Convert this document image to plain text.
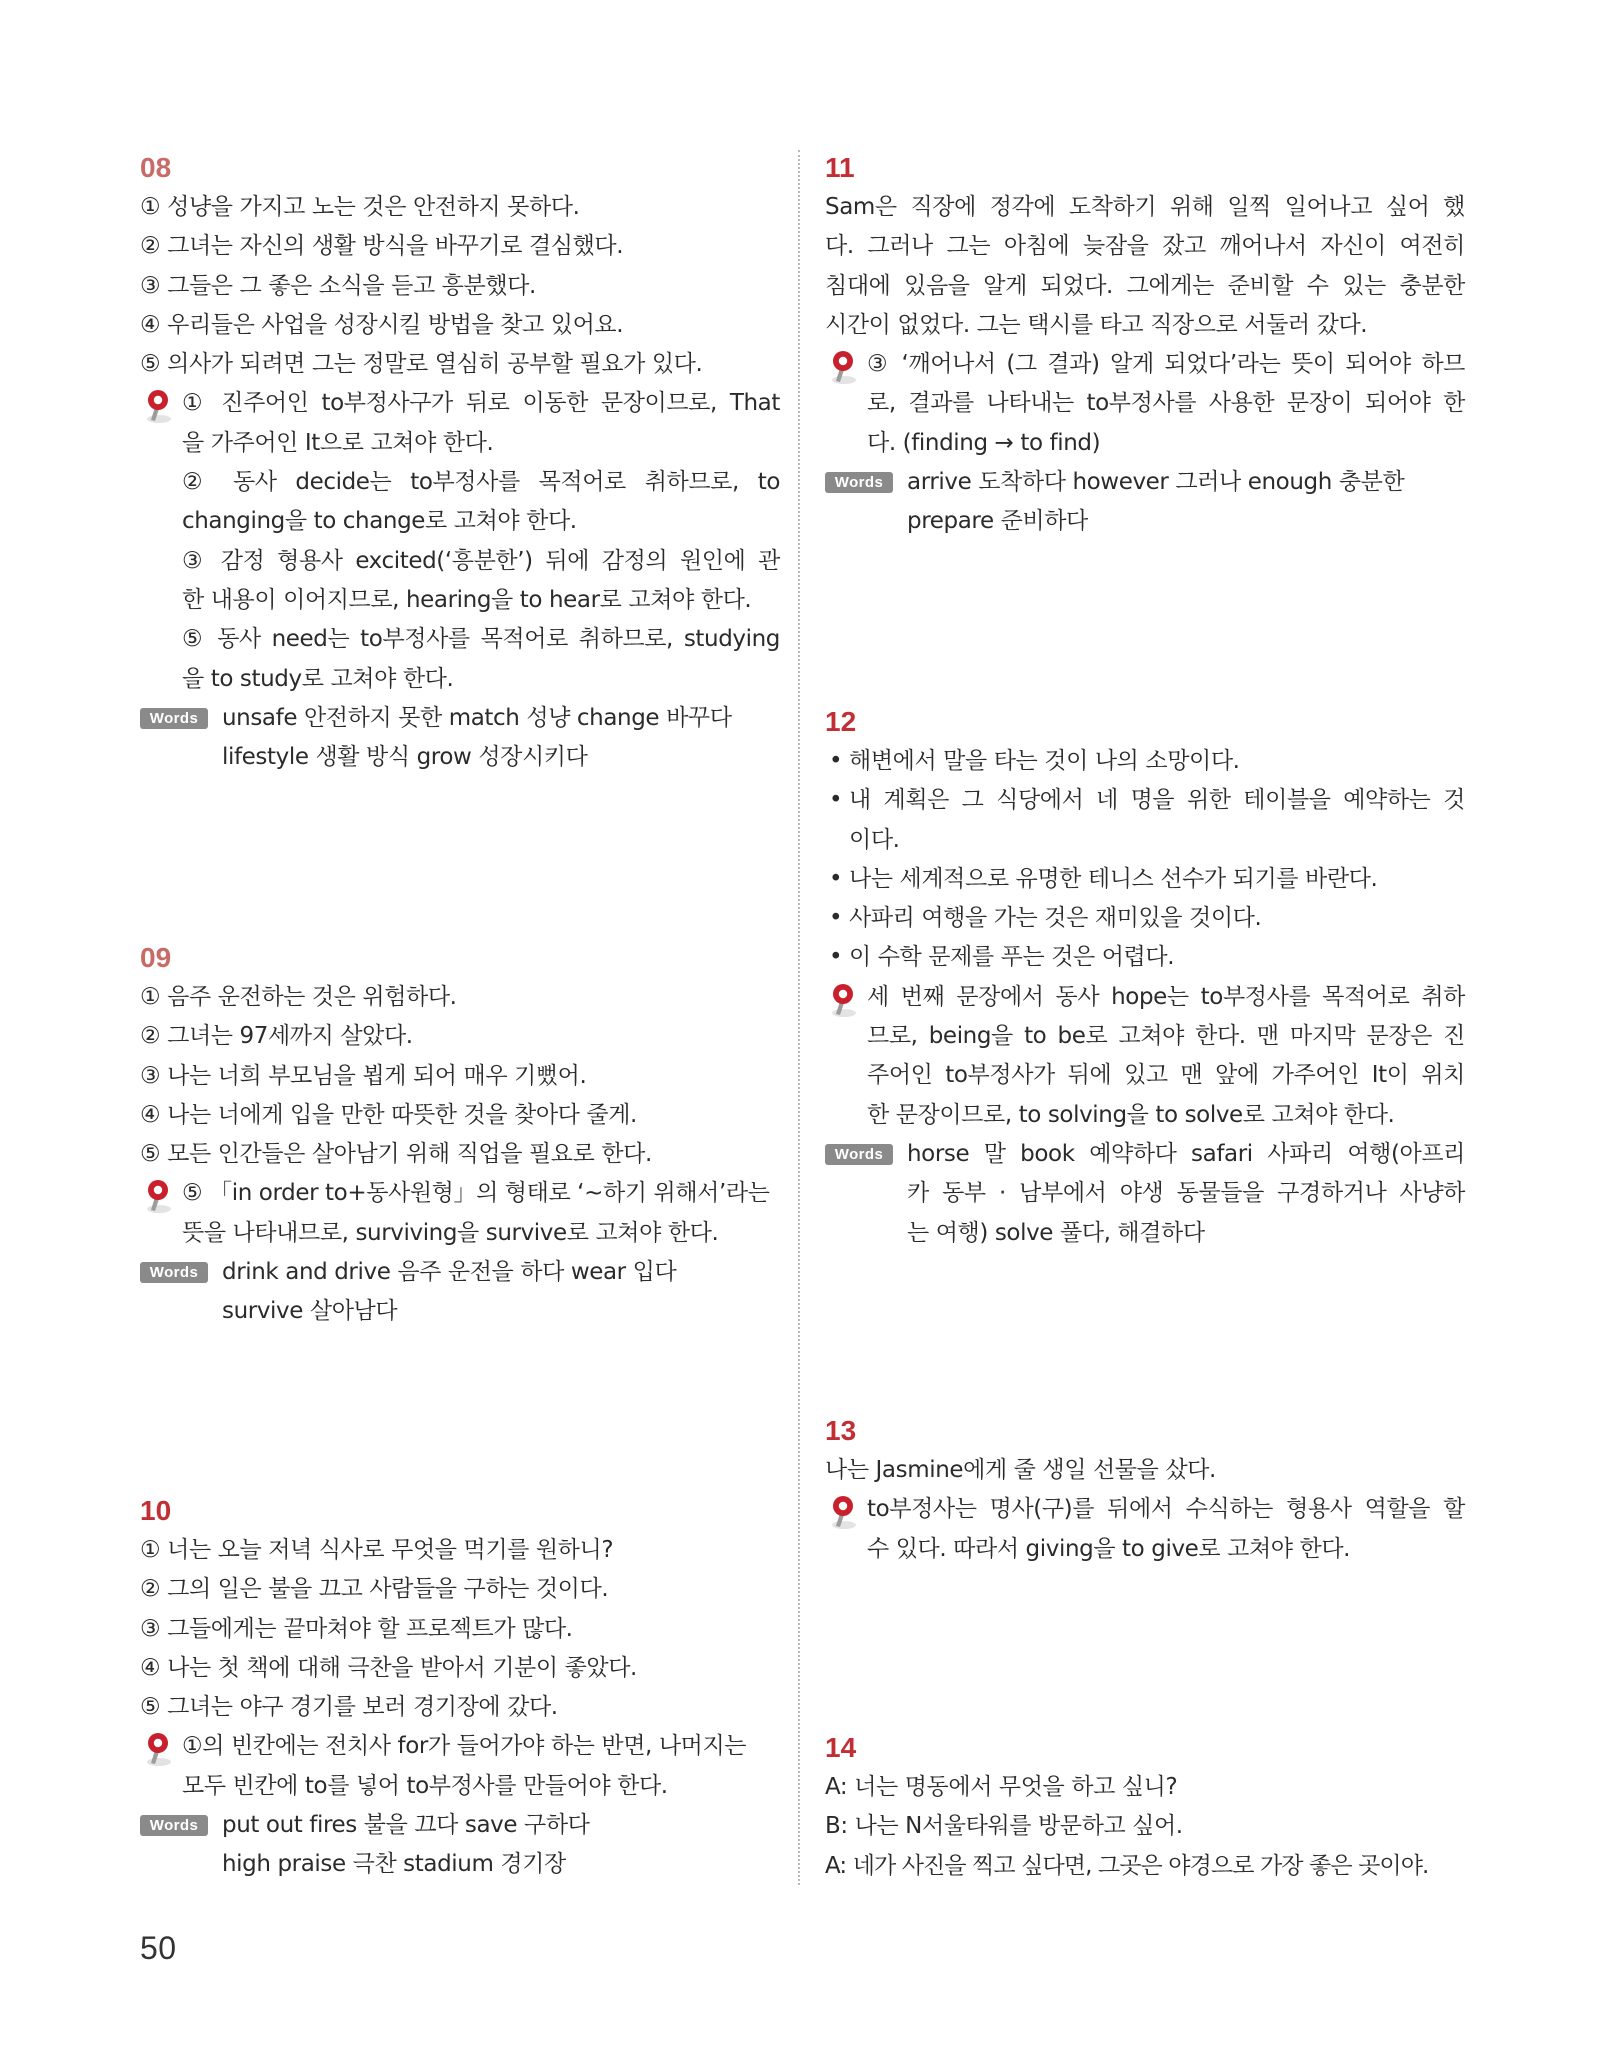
08
① 성냥을 가지고 노는 것은 안전하지 못하다.
② 그녀는 자신의 생활 방식을 바꾸기로 결심했다.
③ 그들은 그 좋은 소식을 듣고 흥분했다.
④ 우리들은 사업을 성장시킬 방법을 찾고 있어요.
⑤ 의사가 되려면 그는 정말로 열심히 공부할 필요가 있다.
① 진주어인 to부정사구가 뒤로 이동한 문장이므로, That
을 가주어인 It으로 고쳐야 한다.
② 동사 decide는 to부정사를 목적어로 취하므로, to
changing을 to change로 고쳐야 한다.
③ 감정 형용사 excited(‘흥분한’) 뒤에 감정의 원인에 관
한 내용이 이어지므로, hearing을 to hear로 고쳐야 한다.
⑤ 동사 need는 to부정사를 목적어로 취하므로, studying
을 to study로 고쳐야 한다.
Words	unsafe 안전하지 못한 match 성냥 change 바꾸다
lifestyle 생활 방식 grow 성장시키다
09
① 음주 운전하는 것은 위험하다.
② 그녀는 97세까지 살았다.
③ 나는 너희 부모님을 뵙게 되어 매우 기뻤어.
④ 나는 너에게 입을 만한 따뜻한 것을 찾아다 줄게.
⑤ 모든 인간들은 살아남기 위해 직업을 필요로 한다.
⑤ 「in order to+동사원형」의 형태로 ‘~하기 위해서’라는
뜻을 나타내므로, surviving을 survive로 고쳐야 한다.
Words	drink and drive 음주 운전을 하다 wear 입다
survive 살아남다
10
① 너는 오늘 저녁 식사로 무엇을 먹기를 원하니?
② 그의 일은 불을 끄고 사람들을 구하는 것이다.
③ 그들에게는 끝마쳐야 할 프로젝트가 많다.
④ 나는 첫 책에 대해 극찬을 받아서 기분이 좋았다.
⑤ 그녀는 야구 경기를 보러 경기장에 갔다.
①의 빈칸에는 전치사 for가 들어가야 하는 반면, 나머지는
모두 빈칸에 to를 넣어 to부정사를 만들어야 한다.
Words	put out fires 불을 끄다 save 구하다
high praise 극찬 stadium 경기장
11
Sam은 직장에 정각에 도착하기 위해 일찍 일어나고 싶어 했
다. 그러나 그는 아침에 늦잠을 잤고 깨어나서 자신이 여전히
침대에 있음을 알게 되었다. 그에게는 준비할 수 있는 충분한
시간이 없었다. 그는 택시를 타고 직장으로 서둘러 갔다.
③ ‘깨어나서 (그 결과) 알게 되었다’라는 뜻이 되어야 하므
로, 결과를 나타내는 to부정사를 사용한 문장이 되어야 한
다. (finding → to find)
Words	arrive 도착하다 however 그러나 enough 충분한
prepare 준비하다
12
• 해변에서 말을 타는 것이 나의 소망이다.
• 내 계획은 그 식당에서 네 명을 위한 테이블을 예약하는 것
이다.
• 나는 세계적으로 유명한 테니스 선수가 되기를 바란다.
• 사파리 여행을 가는 것은 재미있을 것이다.
• 이 수학 문제를 푸는 것은 어렵다.
세 번째 문장에서 동사 hope는 to부정사를 목적어로 취하
므로, being을 to be로 고쳐야 한다. 맨 마지막 문장은 진
주어인 to부정사가 뒤에 있고 맨 앞에 가주어인 It이 위치
한 문장이므로, to solving을 to solve로 고쳐야 한다.
Words	horse 말 book 예약하다 safari 사파리 여행(아프리
카 동부 · 남부에서 야생 동물들을 구경하거나 사냥하
는 여행) solve 풀다, 해결하다
13
나는 Jasmine에게 줄 생일 선물을 샀다.
to부정사는 명사(구)를 뒤에서 수식하는 형용사 역할을 할
수 있다. 따라서 giving을 to give로 고쳐야 한다.
14
A: 너는 명동에서 무엇을 하고 싶니?
B: 나는 N서울타워를 방문하고 싶어.
A: 네가 사진을 찍고 싶다면, 그곳은 야경으로 가장 좋은 곳이야.
50
